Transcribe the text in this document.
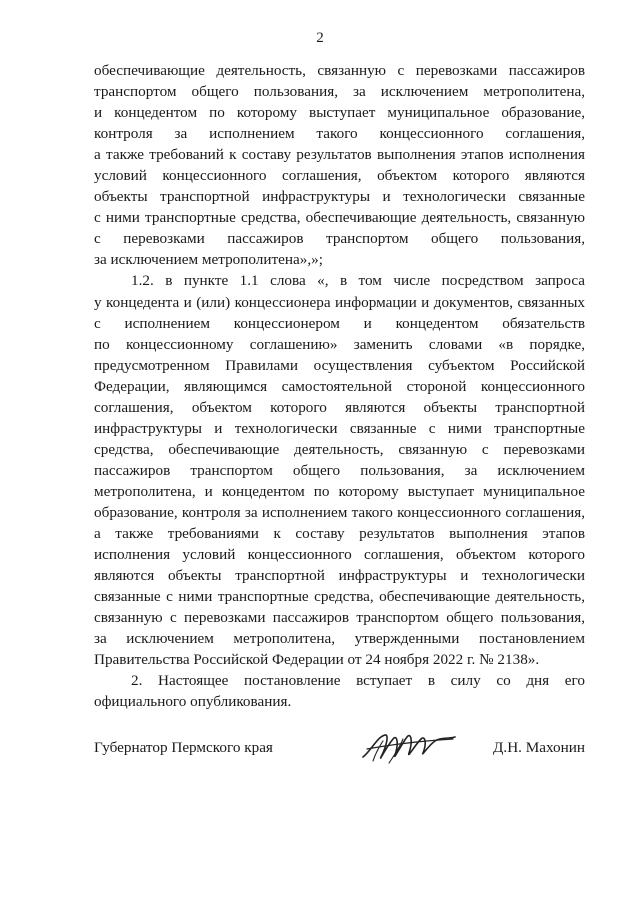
2
обеспечивающие деятельность, связанную с перевозками пассажиров
транспортом общего пользования, за исключением метрополитена,
и концедентом по которому выступает муниципальное образование,
контроля за исполнением такого концессионного соглашения,
а также требований к составу результатов выполнения этапов исполнения
условий концессионного соглашения, объектом которого являются
объекты транспортной инфраструктуры и технологически связанные
с ними транспортные средства, обеспечивающие деятельность, связанную
с перевозками пассажиров транспортом общего пользования,
за исключением метрополитена»,»;
1.2. в пункте 1.1 слова «, в том числе посредством запроса
у концедента и (или) концессионера информации и документов, связанных
с исполнением концессионером и концедентом обязательств
по концессионному соглашению» заменить словами «в порядке,
предусмотренном Правилами осуществления субъектом Российской
Федерации, являющимся самостоятельной стороной концессионного
соглашения, объектом которого являются объекты транспортной
инфраструктуры и технологически связанные с ними транспортные
средства, обеспечивающие деятельность, связанную с перевозками
пассажиров транспортом общего пользования, за исключением
метрополитена, и концедентом по которому выступает муниципальное
образование, контроля за исполнением такого концессионного соглашения,
а также требованиями к составу результатов выполнения этапов
исполнения условий концессионного соглашения, объектом которого
являются объекты транспортной инфраструктуры и технологически
связанные с ними транспортные средства, обеспечивающие деятельность,
связанную с перевозками пассажиров транспортом общего пользования,
за исключением метрополитена, утвержденными постановлением
Правительства Российской Федерации от 24 ноября 2022 г. № 2138».
2. Настоящее постановление вступает в силу со дня его
официального опубликования.
Губернатор Пермского края	Д.Н. Махонин
